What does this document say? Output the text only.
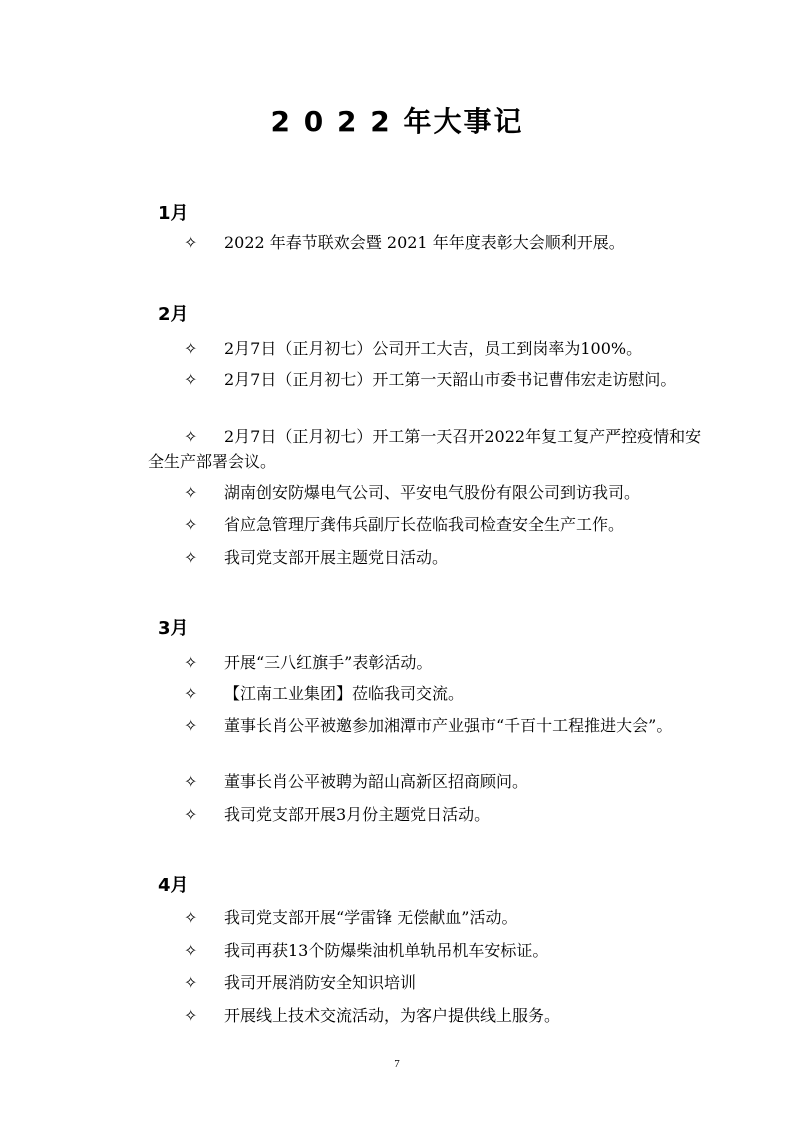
2 0 2 2 年大事记
1月
✧ 2022 年春节联欢会暨 2021 年年度表彰大会顺利开展。
2月
✧ 2月7日（正月初七）公司开工大吉，员工到岗率为100%。
✧ 2月7日（正月初七）开工第一天韶山市委书记曹伟宏走访慰问。
✧ 2月7日（正月初七）开工第一天召开2022年复工复产严控疫情和安全生产部署会议。
✧ 湖南创安防爆电气公司、平安电气股份有限公司到访我司。
✧ 省应急管理厅龚伟兵副厅长莅临我司检查安全生产工作。
✧ 我司党支部开展主题党日活动。
3月
✧ 开展“三八红旗手”表彰活动。
✧ 【江南工业集团】莅临我司交流。
✧ 董事长肖公平被邀参加湘潭市产业强市“千百十工程推进大会”。
✧ 董事长肖公平被聘为韶山高新区招商顾问。
✧ 我司党支部开展3月份主题党日活动。
4月
✧ 我司党支部开展“学雷锋 无偿献血”活动。
✧ 我司再获13个防爆柴油机单轨吊机车安标证。
✧ 我司开展消防安全知识培训
✧ 开展线上技术交流活动，为客户提供线上服务。
7
